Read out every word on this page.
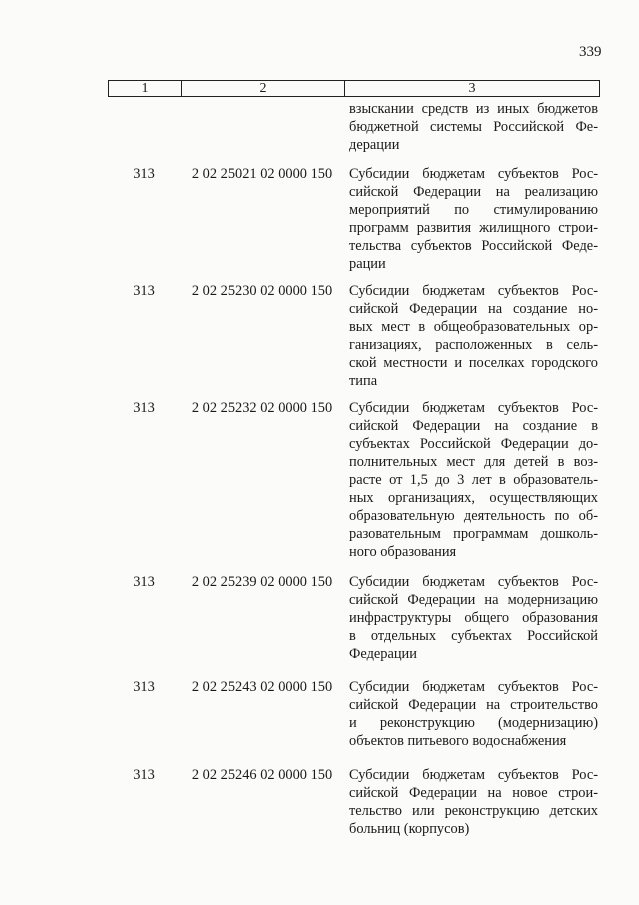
339
1	2	3
взыскании средств из иных бюджетов
бюджетной системы Российской Фе-
дерации
313	2 02 25021 02 0000 150	Субсидии бюджетам субъектов Рос-
сийской Федерации на реализацию
мероприятий по стимулированию
программ развития жилищного строи-
тельства субъектов Российской Феде-
рации
313	2 02 25230 02 0000 150	Субсидии бюджетам субъектов Рос-
сийской Федерации на создание но-
вых мест в общеобразовательных ор-
ганизациях, расположенных в сель-
ской местности и поселках городского
типа
313	2 02 25232 02 0000 150	Субсидии бюджетам субъектов Рос-
сийской Федерации на создание в
субъектах Российской Федерации до-
полнительных мест для детей в воз-
расте от 1,5 до 3 лет в образователь-
ных организациях, осуществляющих
образовательную деятельность по об-
разовательным программам дошколь-
ного образования
313	2 02 25239 02 0000 150	Субсидии бюджетам субъектов Рос-
сийской Федерации на модернизацию
инфраструктуры общего образования
в отдельных субъектах Российской
Федерации
313	2 02 25243 02 0000 150	Субсидии бюджетам субъектов Рос-
сийской Федерации на строительство
и реконструкцию (модернизацию)
объектов питьевого водоснабжения
313	2 02 25246 02 0000 150	Субсидии бюджетам субъектов Рос-
сийской Федерации на новое строи-
тельство или реконструкцию детских
больниц (корпусов)
